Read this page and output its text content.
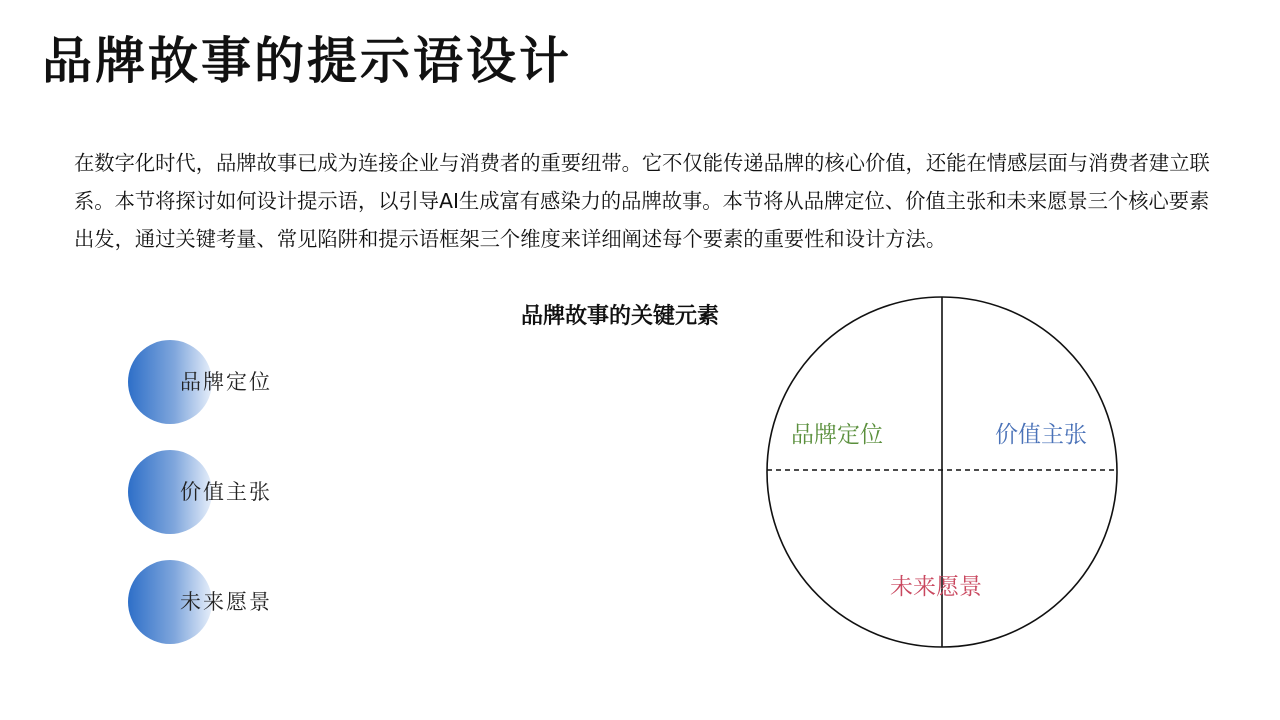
品牌故事的提示语设计

在数字化时代，品牌故事已成为连接企业与消费者的重要纽带。它不仅能传递品牌的核心价值，还能在情感层面与消费者建立联系。本节将探讨如何设计提示语，以引导AI生成富有感染力的品牌故事。本节将从品牌定位、价值主张和未来愿景三个核心要素出发，通过关键考量、常见陷阱和提示语框架三个维度来详细阐述每个要素的重要性和设计方法。

品牌故事的关键元素
品牌定位
价值主张
未来愿景
品牌定位	价值主张
未来愿景
